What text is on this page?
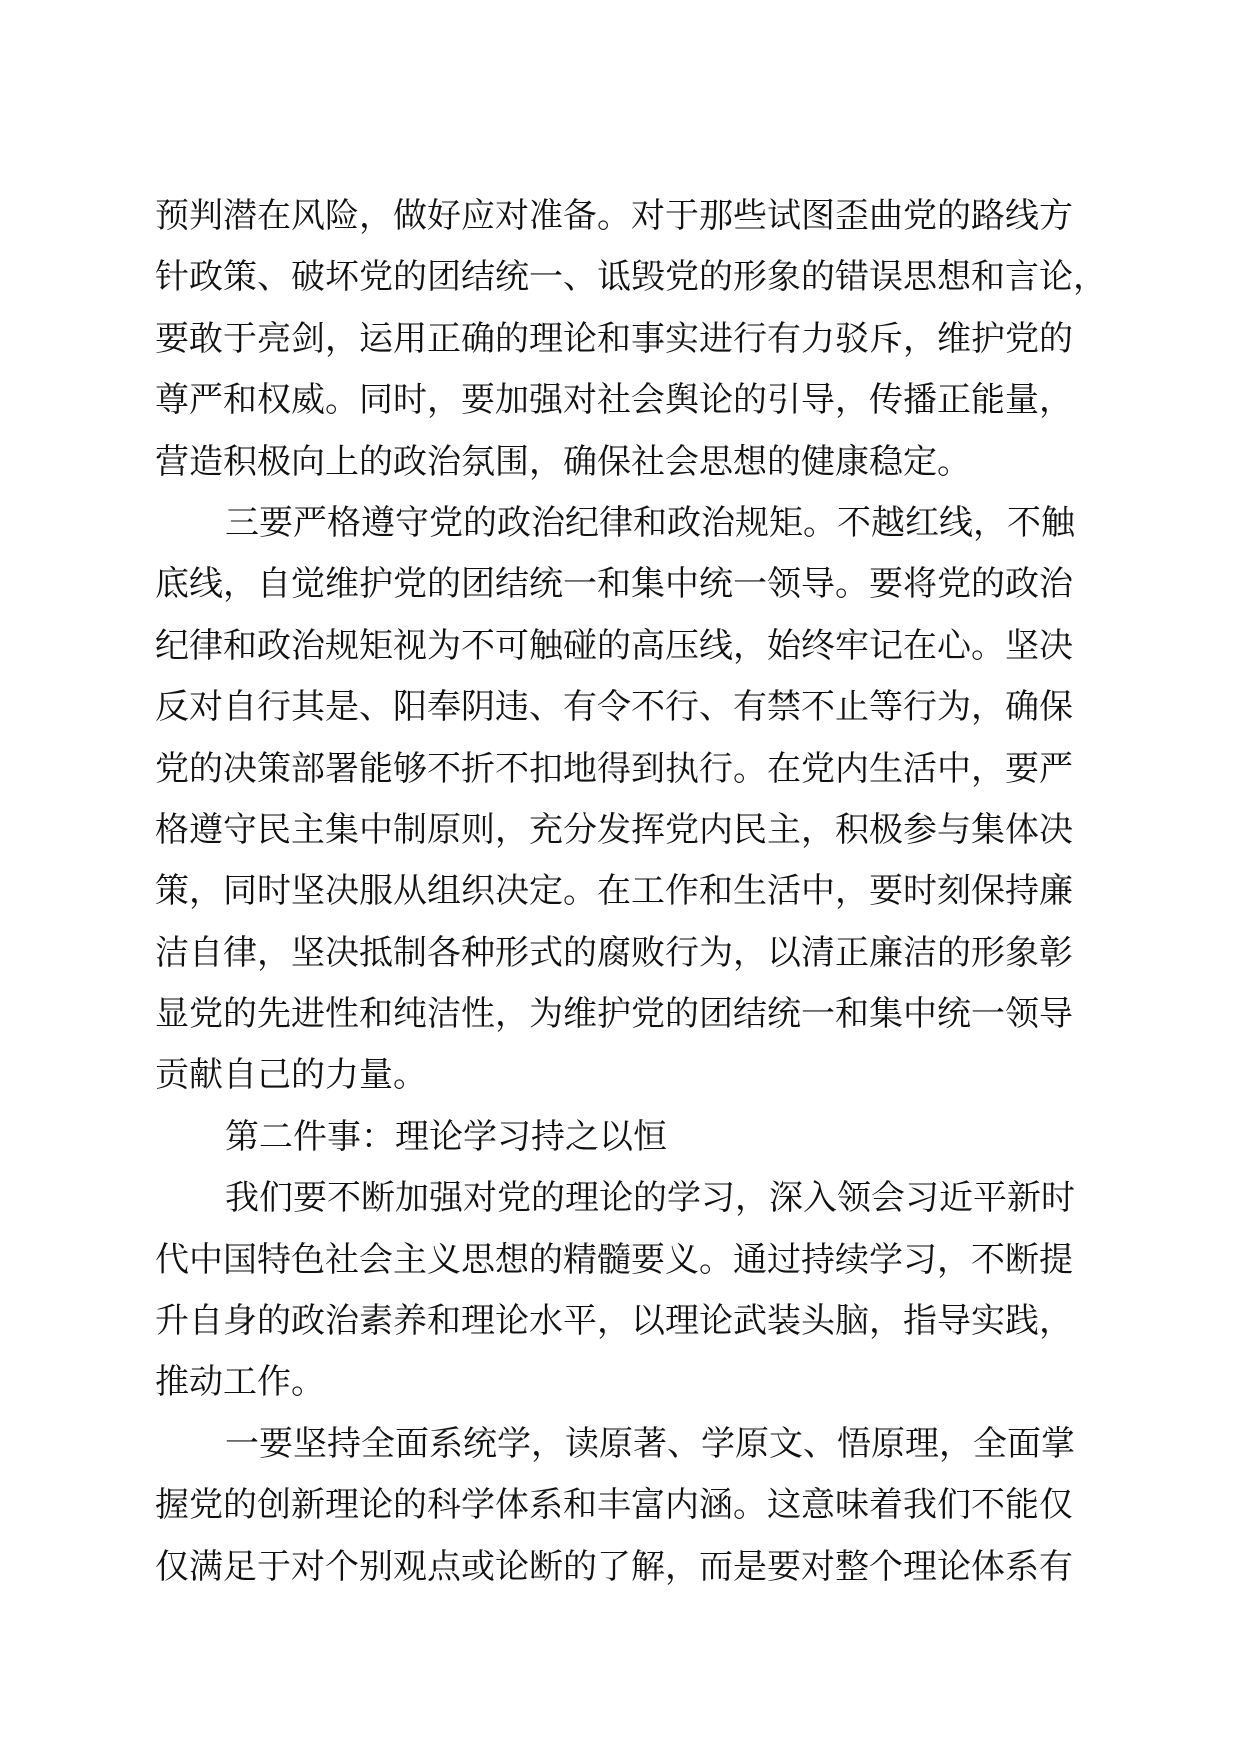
预判潜在风险，做好应对准备。对于那些试图歪曲党的路线方
针政策、破坏党的团结统一、诋毁党的形象的错误思想和言论，
要敢于亮剑，运用正确的理论和事实进行有力驳斥，维护党的
尊严和权威。同时，要加强对社会舆论的引导，传播正能量，
营造积极向上的政治氛围，确保社会思想的健康稳定。
三要严格遵守党的政治纪律和政治规矩。不越红线，不触
底线，自觉维护党的团结统一和集中统一领导。要将党的政治
纪律和政治规矩视为不可触碰的高压线，始终牢记在心。坚决
反对自行其是、阳奉阴违、有令不行、有禁不止等行为，确保
党的决策部署能够不折不扣地得到执行。在党内生活中，要严
格遵守民主集中制原则，充分发挥党内民主，积极参与集体决
策，同时坚决服从组织决定。在工作和生活中，要时刻保持廉
洁自律，坚决抵制各种形式的腐败行为，以清正廉洁的形象彰
显党的先进性和纯洁性，为维护党的团结统一和集中统一领导
贡献自己的力量。
第二件事：理论学习持之以恒
我们要不断加强对党的理论的学习，深入领会习近平新时
代中国特色社会主义思想的精髓要义。通过持续学习，不断提
升自身的政治素养和理论水平，以理论武装头脑，指导实践，
推动工作。
一要坚持全面系统学，读原著、学原文、悟原理，全面掌
握党的创新理论的科学体系和丰富内涵。这意味着我们不能仅
仅满足于对个别观点或论断的了解，而是要对整个理论体系有
